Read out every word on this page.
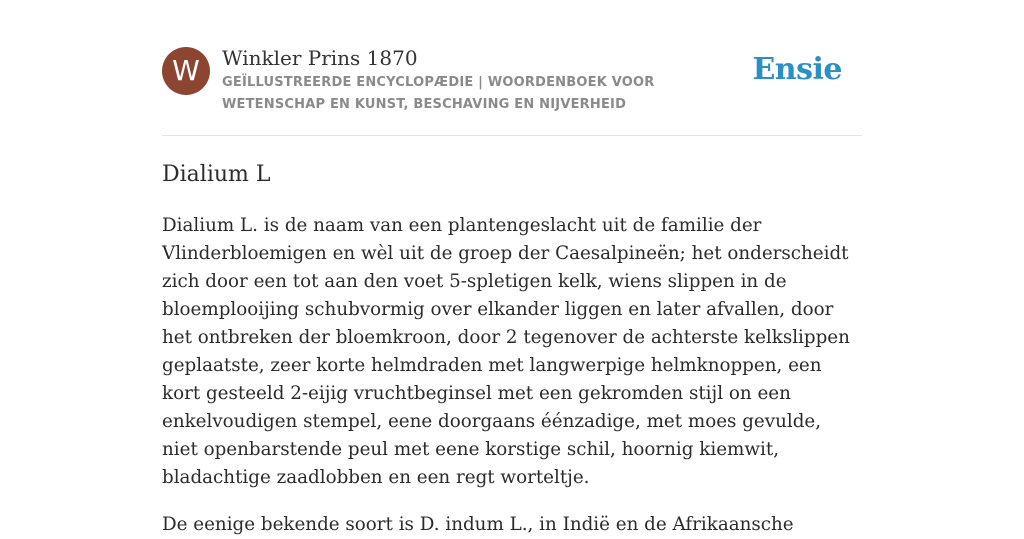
W	Winkler Prins 1870
GEÏLLUSTREERDE ENCYCLOPÆDIE | WOORDENBOEK VOOR WETENSCHAP EN KUNST, BESCHAVING EN NIJVERHEID
Ensie
Dialium L

Dialium L. is de naam van een plantengeslacht uit de familie der Vlinderbloemigen en wèl uit de groep der Caesalpineën; het onderscheidt zich door een tot aan den voet 5-spletigen kelk, wiens slippen in de bloemplooijing schubvormig over elkander liggen en later afvallen, door het ontbreken der bloemkroon, door 2 tegenover de achterste kelkslippen geplaatste, zeer korte helmdraden met langwerpige helmknoppen, een kort gesteeld 2-eijig vruchtbeginsel met een gekromden stijl on een enkelvoudigen stempel, eene doorgaans éénzadige, met moes gevulde, niet openbarstende peul met eene korstige schil, hoornig kiemwit, bladachtige zaadlobben en een regt worteltje.

De eenige bekende soort is D. indum L., in Indië en de Afrikaansche
